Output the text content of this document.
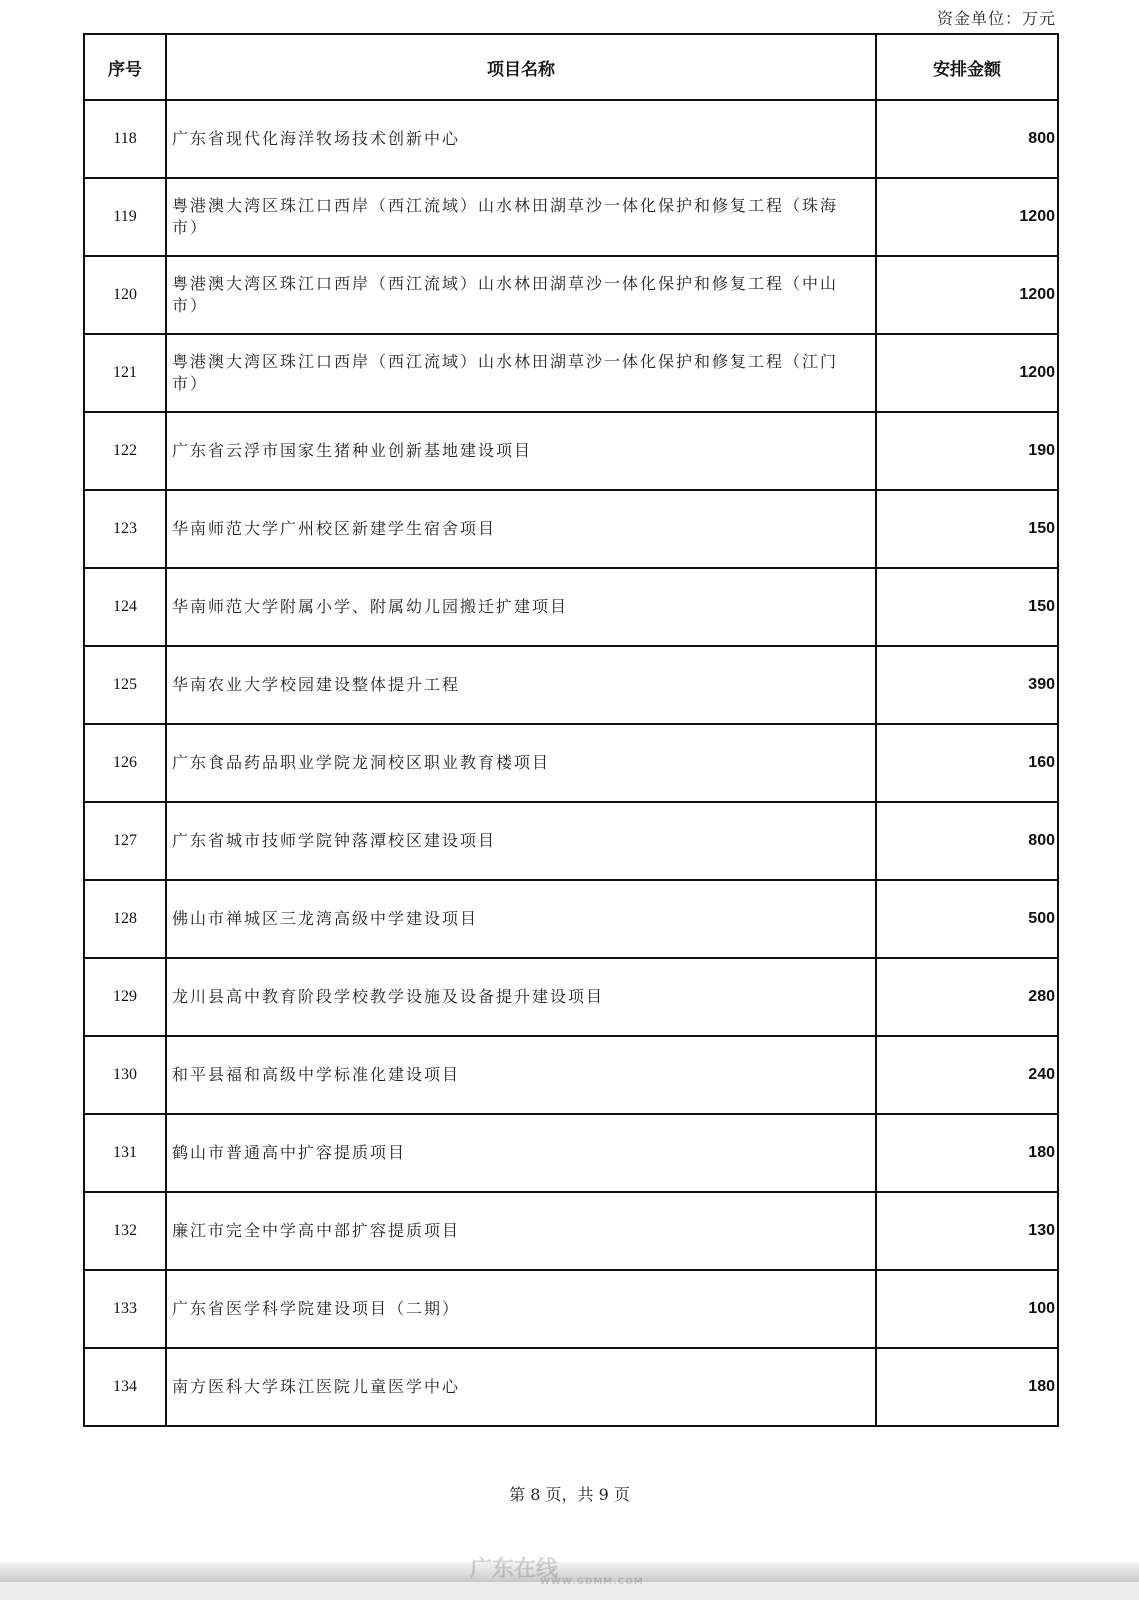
资金单位：万元
序号	项目名称	安排金额
118	广东省现代化海洋牧场技术创新中心	800
119	粤港澳大湾区珠江口西岸（西江流域）山水林田湖草沙一体化保护和修复工程（珠海市）	1200
120	粤港澳大湾区珠江口西岸（西江流域）山水林田湖草沙一体化保护和修复工程（中山市）	1200
121	粤港澳大湾区珠江口西岸（西江流域）山水林田湖草沙一体化保护和修复工程（江门市）	1200
122	广东省云浮市国家生猪种业创新基地建设项目	190
123	华南师范大学广州校区新建学生宿舍项目	150
124	华南师范大学附属小学、附属幼儿园搬迁扩建项目	150
125	华南农业大学校园建设整体提升工程	390
126	广东食品药品职业学院龙洞校区职业教育楼项目	160
127	广东省城市技师学院钟落潭校区建设项目	800
128	佛山市禅城区三龙湾高级中学建设项目	500
129	龙川县高中教育阶段学校教学设施及设备提升建设项目	280
130	和平县福和高级中学标准化建设项目	240
131	鹤山市普通高中扩容提质项目	180
132	廉江市完全中学高中部扩容提质项目	130
133	广东省医学科学院建设项目（二期）	100
134	南方医科大学珠江医院儿童医学中心	180
第 8 页，共 9 页
广东在线
WWW.GDMM.COM
